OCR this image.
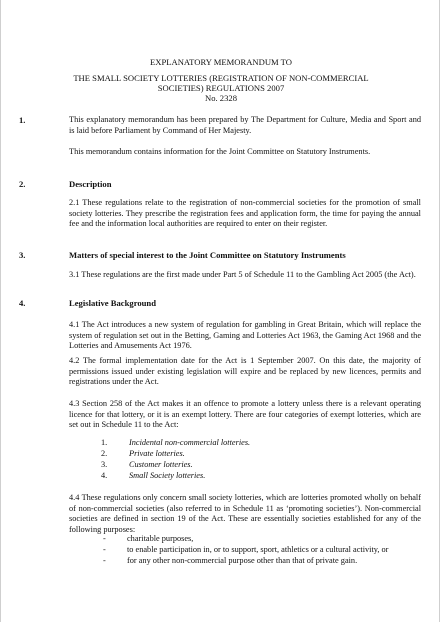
EXPLANATORY MEMORANDUM TO
THE SMALL SOCIETY LOTTERIES (REGISTRATION OF NON-COMMERCIAL
SOCIETIES) REGULATIONS 2007
No. 2328
1.	This explanatory memorandum has been prepared by The Department for Culture, Media and Sport and is laid before Parliament by Command of Her Majesty.
This memorandum contains information for the Joint Committee on Statutory Instruments.
2.	Description
2.1 These regulations relate to the registration of non-commercial societies for the promotion of small society lotteries. They prescribe the registration fees and application form, the time for paying the annual fee and the information local authorities are required to enter on their register.
3.	Matters of special interest to the Joint Committee on Statutory Instruments
3.1 These regulations are the first made under Part 5 of Schedule 11 to the Gambling Act 2005 (the Act).
4.	Legislative Background
4.1 The Act introduces a new system of regulation for gambling in Great Britain, which will replace the system of regulation set out in the Betting, Gaming and Lotteries Act 1963, the Gaming Act 1968 and the Lotteries and Amusements Act 1976.
4.2 The formal implementation date for the Act is 1 September 2007. On this date, the majority of permissions issued under existing legislation will expire and be replaced by new licences, permits and registrations under the Act.
4.3 Section 258 of the Act makes it an offence to promote a lottery unless there is a relevant operating licence for that lottery, or it is an exempt lottery. There are four categories of exempt lotteries, which are set out in Schedule 11 to the Act:
1.	Incidental non-commercial lotteries.
2.	Private lotteries.
3.	Customer lotteries.
4.	Small Society lotteries.
4.4 These regulations only concern small society lotteries, which are lotteries promoted wholly on behalf of non-commercial societies (also referred to in Schedule 11 as ‘promoting societies’). Non-commercial societies are defined in section 19 of the Act. These are essentially societies established for any of the following purposes:
-	charitable purposes,
-	to enable participation in, or to support, sport, athletics or a cultural activity, or
-	for any other non-commercial purpose other than that of private gain.
